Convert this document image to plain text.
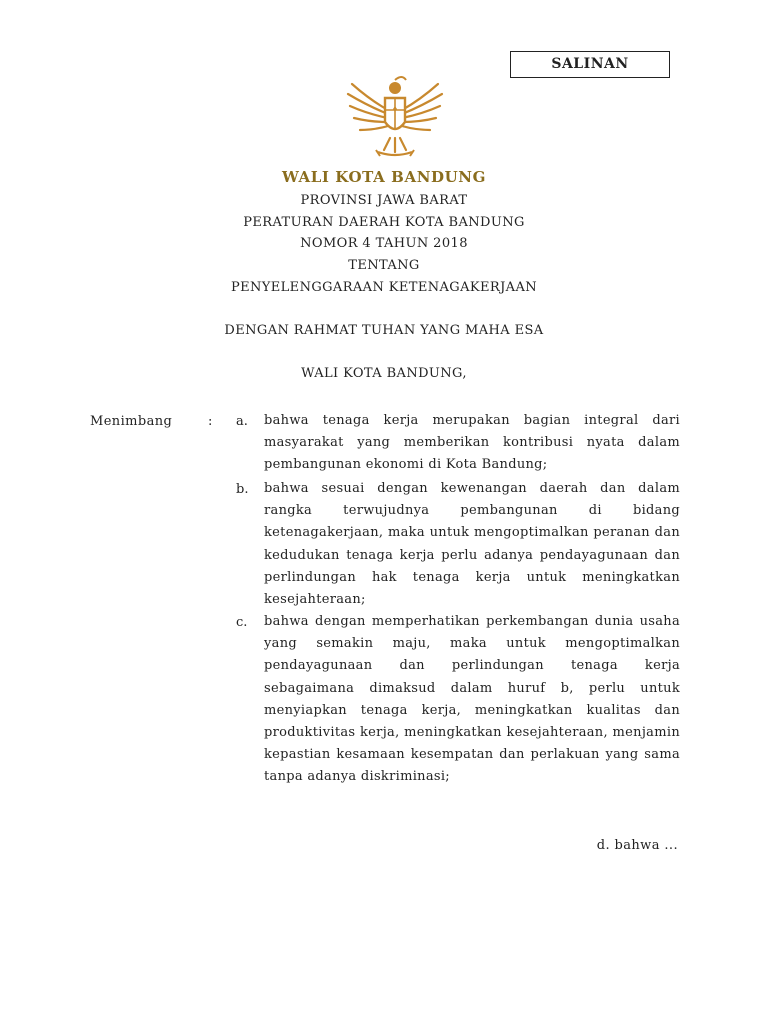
SALINAN
WALI KOTA BANDUNG
PROVINSI JAWA BARAT
PERATURAN DAERAH KOTA BANDUNG
NOMOR 4 TAHUN 2018
TENTANG
PENYELENGGARAAN KETENAGAKERJAAN
DENGAN RAHMAT TUHAN YANG MAHA ESA
WALI KOTA BANDUNG,
Menimbang	: a. bahwa tenaga kerja merupakan bagian integral dari masyarakat yang memberikan kontribusi nyata dalam pembangunan ekonomi di Kota Bandung;
b. bahwa sesuai dengan kewenangan daerah dan dalam rangka terwujudnya pembangunan di bidang ketenagakerjaan, maka untuk mengoptimalkan peranan dan kedudukan tenaga kerja perlu adanya pendayagunaan dan perlindungan hak tenaga kerja untuk meningkatkan kesejahteraan;
c. bahwa dengan memperhatikan perkembangan dunia usaha yang semakin maju, maka untuk mengoptimalkan pendayagunaan dan perlindungan tenaga kerja sebagaimana dimaksud dalam huruf b, perlu untuk menyiapkan tenaga kerja, meningkatkan kualitas dan produktivitas kerja, meningkatkan kesejahteraan, menjamin kepastian kesamaan kesempatan dan perlakuan yang sama tanpa adanya diskriminasi;
d. bahwa ...
